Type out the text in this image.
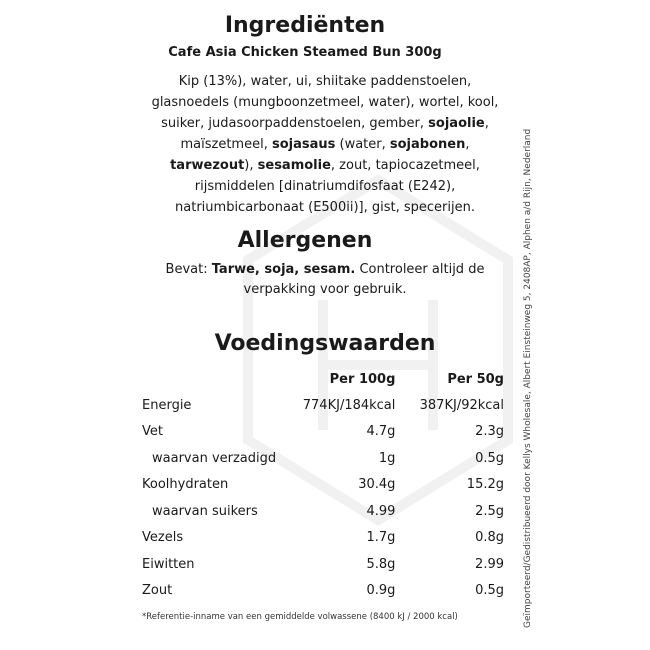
Ingrediënten
Cafe Asia Chicken Steamed Bun 300g
Kip (13%), water, ui, shiitake paddenstoelen, glasnoedels (mungboonzetmeel, water), wortel, kool, suiker, judasoorpaddenstoelen, gember, sojaolie, maïszetmeel, sojasaus (water, sojabonen, tarwezout), sesamolie, zout, tapiocazetmeel, rijsmiddelen [dinatriumdifosfaat (E242), natriumbicarbonaat (E500ii)], gist, specerijen.
Allergenen
Bevat: Tarwe, soja, sesam. Controleer altijd de verpakking voor gebruik.
Voedingswaarden
	Per 100g	Per 50g
Energie	774KJ/184kcal	387KJ/92kcal
Vet	4.7g	2.3g
waarvan verzadigd	1g	0.5g
Koolhydraten	30.4g	15.2g
waarvan suikers	4.99	2.5g
Vezels	1.7g	0.8g
Eiwitten	5.8g	2.99
Zout	0.9g	0.5g
*Referentie-inname van een gemiddelde volwassene (8400 kJ / 2000 kcal)	Geïmporteerd/Gedistribueerd door Kellys Wholesale, Albert Einsteinweg 5, 2408AP, Alphen a/d Rijn, Nederland
